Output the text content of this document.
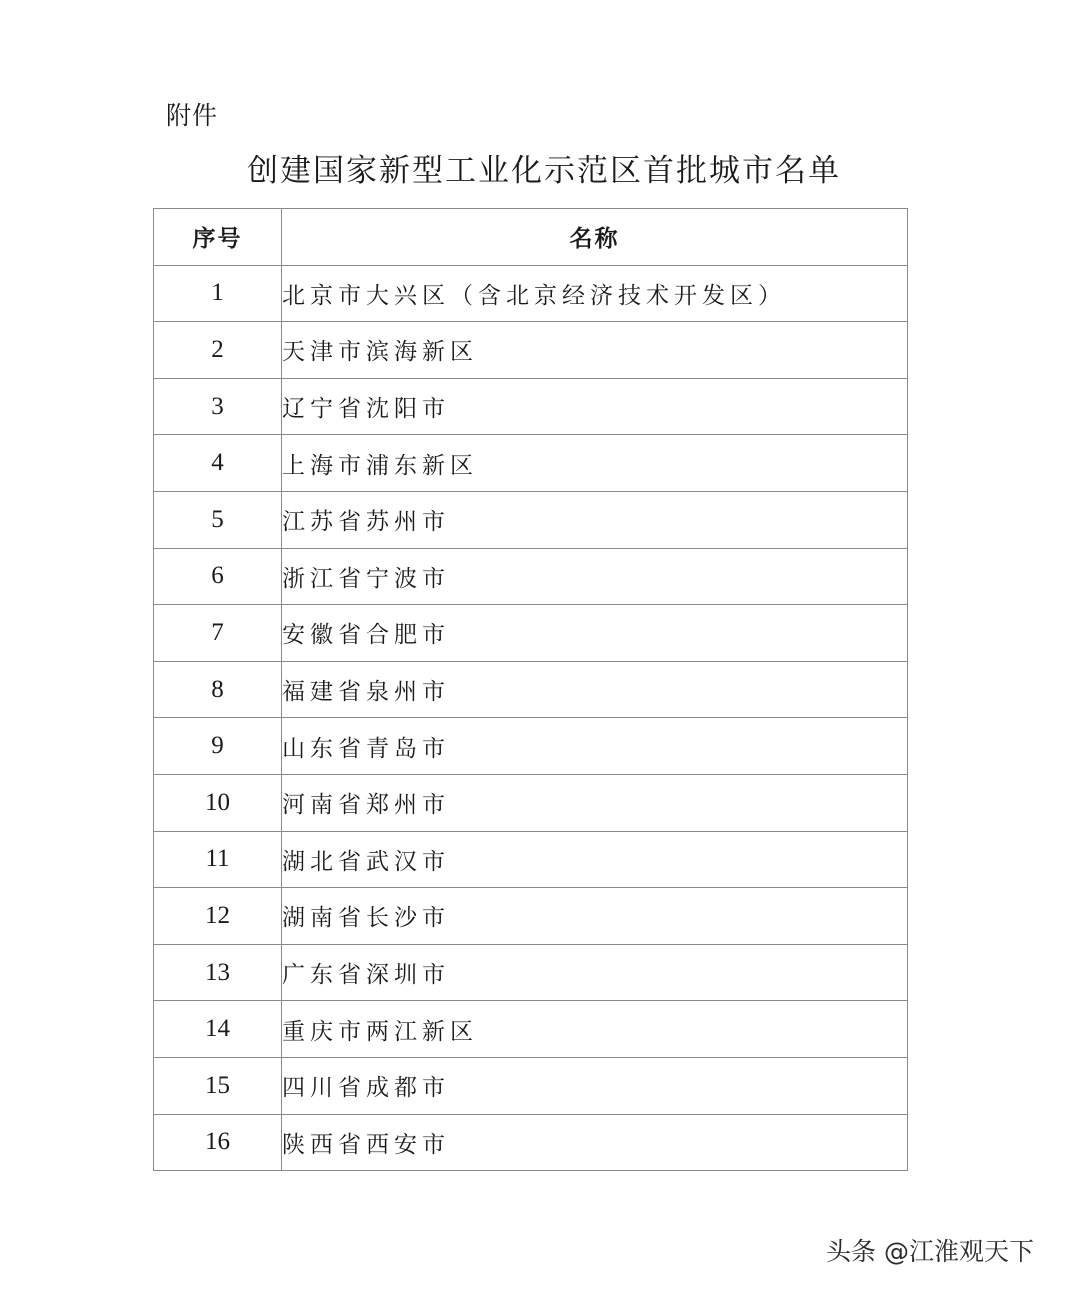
附件
创建国家新型工业化示范区首批城市名单
序号	名称
1	北京市大兴区（含北京经济技术开发区）
2	天津市滨海新区
3	辽宁省沈阳市
4	上海市浦东新区
5	江苏省苏州市
6	浙江省宁波市
7	安徽省合肥市
8	福建省泉州市
9	山东省青岛市
10	河南省郑州市
11	湖北省武汉市
12	湖南省长沙市
13	广东省深圳市
14	重庆市两江新区
15	四川省成都市
16	陕西省西安市
头条 @江淮观天下
